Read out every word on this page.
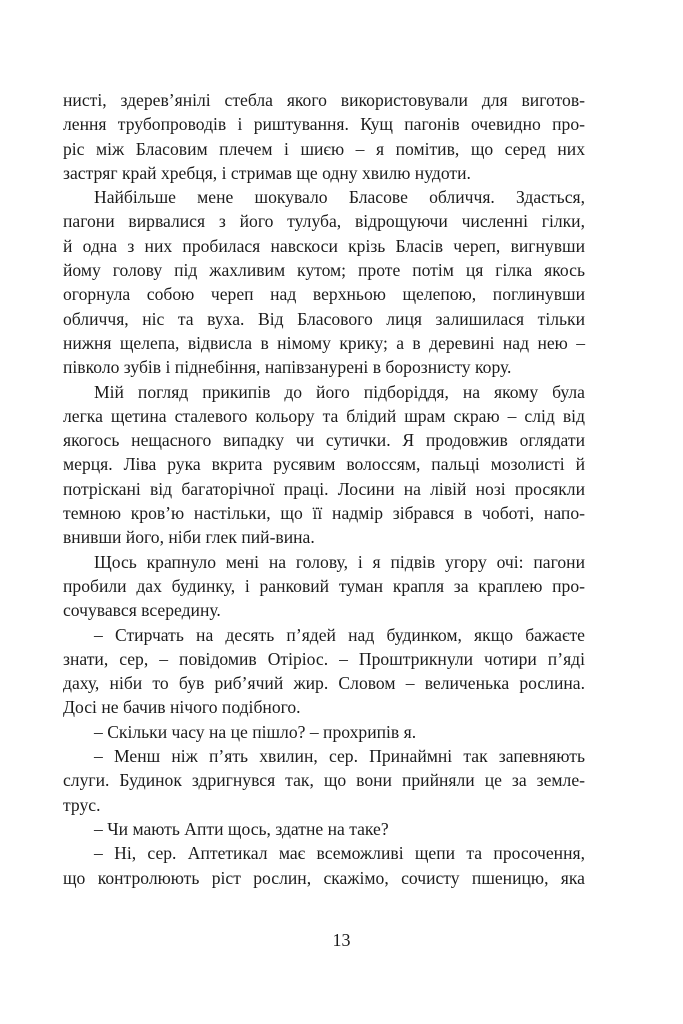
нисті, здерев’янілі стебла якого використовували для виготов-
лення трубопроводів і риштування. Кущ пагонів очевидно про-
ріс між Бласовим плечем і шиєю – я помітив, що серед них
застряг край хребця, і стримав ще одну хвилю нудоти.
Найбільше мене шокувало Бласове обличчя. Здасться,
пагони вирвалися з його тулуба, відрощуючи численні гілки,
й одна з них пробилася навскоси крізь Бласів череп, вигнувши
йому голову під жахливим кутом; проте потім ця гілка якось
огорнула собою череп над верхньою щелепою, поглинувши
обличчя, ніс та вуха. Від Бласового лиця залишилася тільки
нижня щелепа, відвисла в німому крику; а в деревині над нею –
півколо зубів і піднебіння, напівзанурені в борознисту кору.
Мій погляд прикипів до його підборіддя, на якому була
легка щетина сталевого кольору та блідий шрам скраю – слід від
якогось нещасного випадку чи сутички. Я продовжив оглядати
мерця. Ліва рука вкрита русявим волоссям, пальці мозолисті й
потріскані від багаторічної праці. Лосини на лівій нозі просякли
темною кров’ю настільки, що її надмір зібрався в чоботі, напо-
внивши його, ніби глек пий-вина.
Щось крапнуло мені на голову, і я підвів угору очі: пагони
пробили дах будинку, і ранковий туман крапля за краплею про-
сочувався всередину.
– Стирчать на десять п’ядей над будинком, якщо бажаєте
знати, сер, – повідомив Отіріос. – Проштрикнули чотири п’яді
даху, ніби то був риб’ячий жир. Словом – величенька рослина.
Досі не бачив нічого подібного.
– Скільки часу на це пішло? – прохрипів я.
– Менш ніж п’ять хвилин, сер. Принаймні так запевняють
слуги. Будинок здригнувся так, що вони прийняли це за земле-
трус.
– Чи мають Апти щось, здатне на таке?
– Ні, сер. Аптетикал має всеможливі щепи та просочення,
що контролюють ріст рослин, скажімо, сочисту пшеницю, яка
13
